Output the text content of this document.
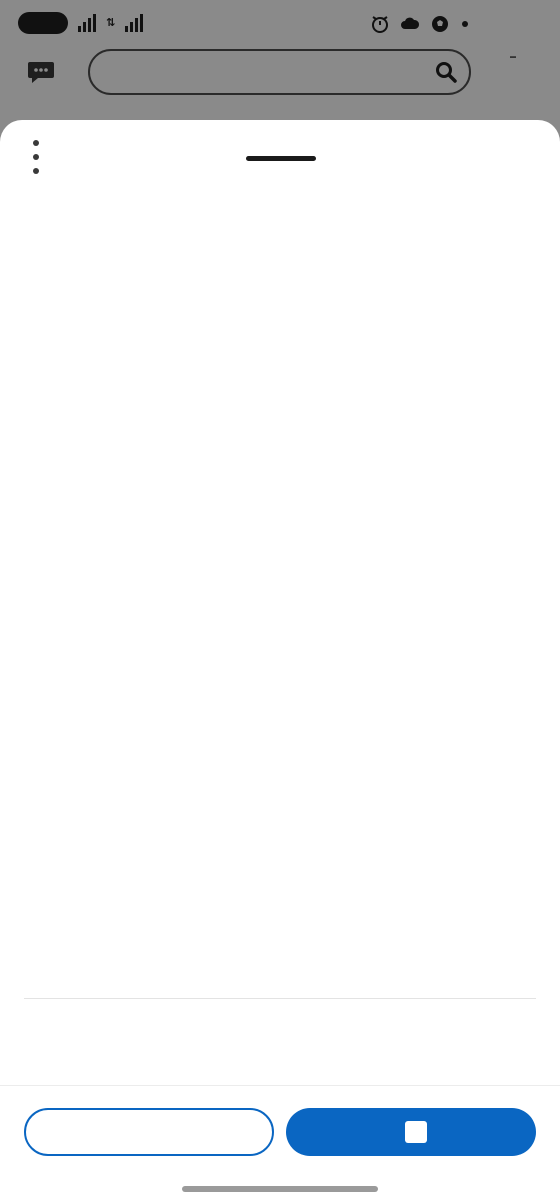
⇅
▬
